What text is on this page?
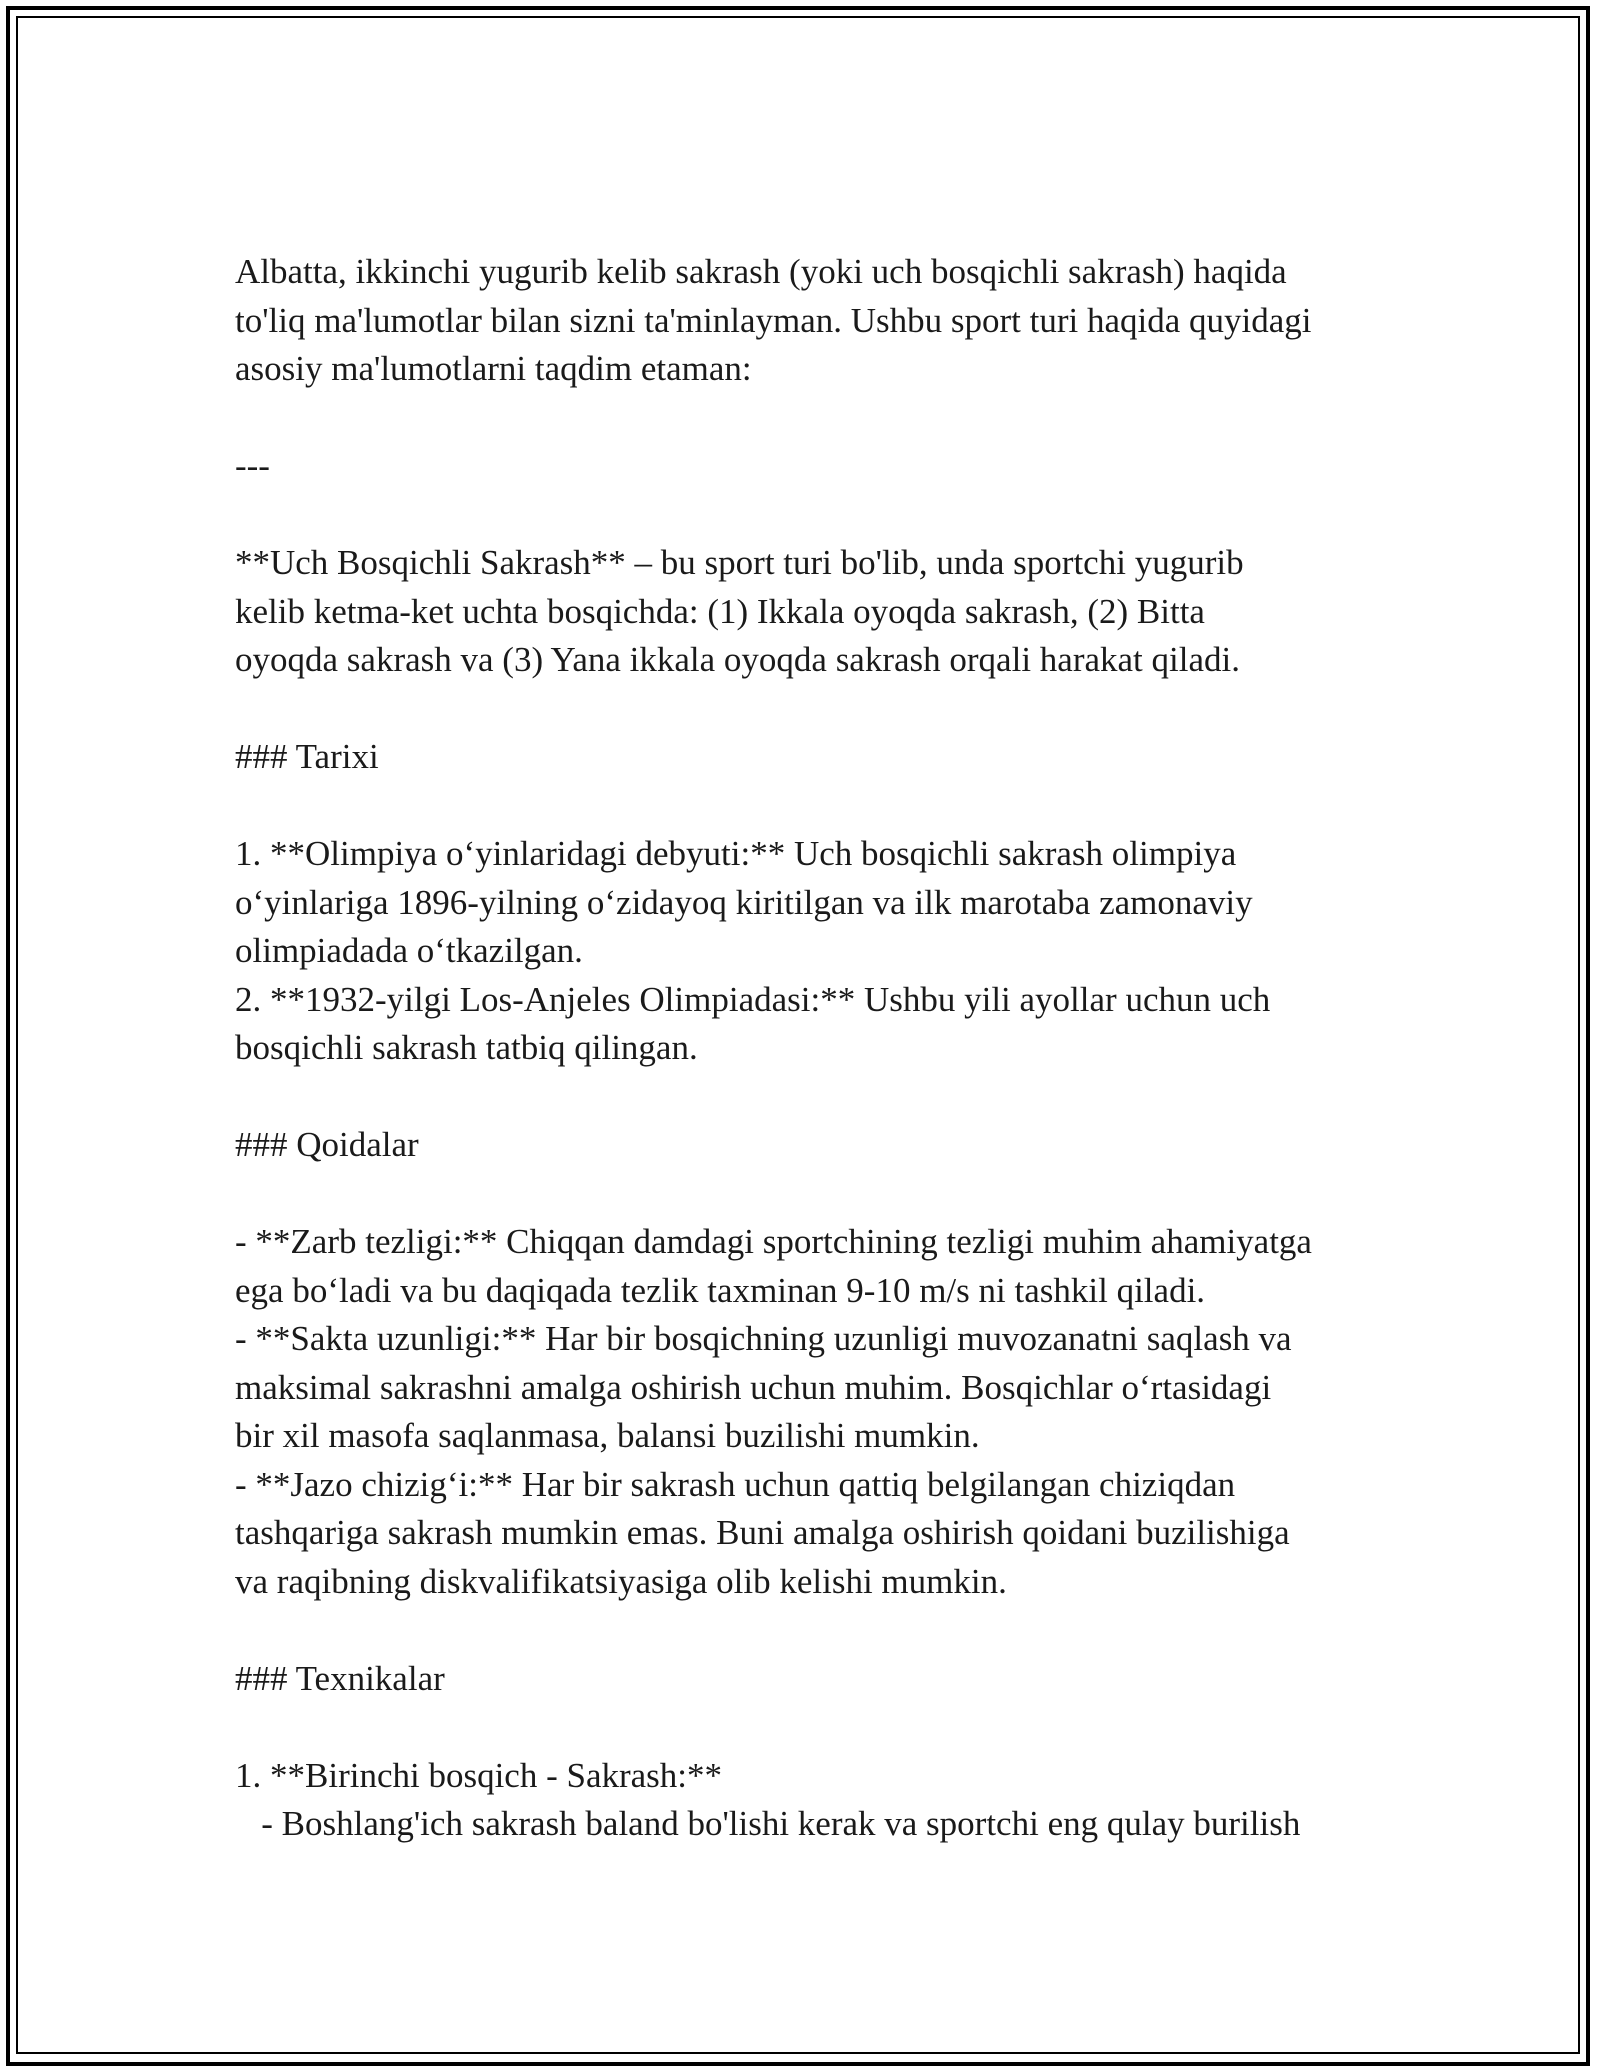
Albatta, ikkinchi yugurib kelib sakrash (yoki uch bosqichli sakrash) haqida
to'liq ma'lumotlar bilan sizni ta'minlayman. Ushbu sport turi haqida quyidagi
asosiy ma'lumotlarni taqdim etaman:
---
**Uch Bosqichli Sakrash** – bu sport turi bo'lib, unda sportchi yugurib
kelib ketma-ket uchta bosqichda: (1) Ikkala oyoqda sakrash, (2) Bitta
oyoqda sakrash va (3) Yana ikkala oyoqda sakrash orqali harakat qiladi.
### Tarixi
1. **Olimpiya o‘yinlaridagi debyuti:** Uch bosqichli sakrash olimpiya
o‘yinlariga 1896-yilning o‘zidayoq kiritilgan va ilk marotaba zamonaviy
olimpiadada o‘tkazilgan.
2. **1932-yilgi Los-Anjeles Olimpiadasi:** Ushbu yili ayollar uchun uch
bosqichli sakrash tatbiq qilingan.
### Qoidalar
- **Zarb tezligi:** Chiqqan damdagi sportchining tezligi muhim ahamiyatga
ega bo‘ladi va bu daqiqada tezlik taxminan 9-10 m/s ni tashkil qiladi.
- **Sakta uzunligi:** Har bir bosqichning uzunligi muvozanatni saqlash va
maksimal sakrashni amalga oshirish uchun muhim. Bosqichlar o‘rtasidagi
bir xil masofa saqlanmasa, balansi buzilishi mumkin.
- **Jazo chizig‘i:** Har bir sakrash uchun qattiq belgilangan chiziqdan
tashqariga sakrash mumkin emas. Buni amalga oshirish qoidani buzilishiga
va raqibning diskvalifikatsiyasiga olib kelishi mumkin.
### Texnikalar
1. **Birinchi bosqich - Sakrash:**
- Boshlang'ich sakrash baland bo'lishi kerak va sportchi eng qulay burilish
